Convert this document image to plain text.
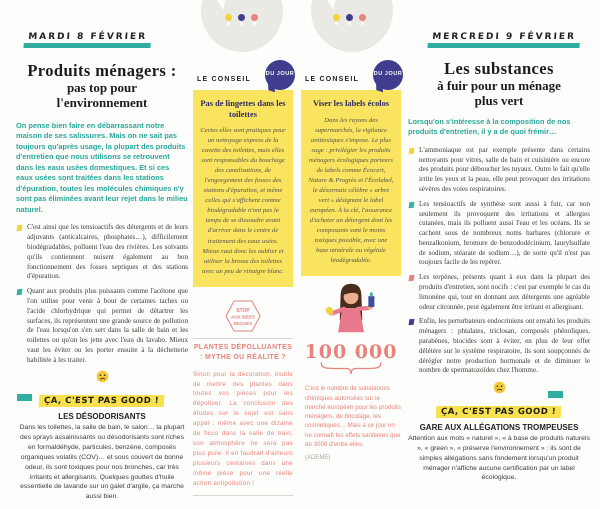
MARDI 8 FÉVRIER
Produits ménagers :
pas top pour
l'environnement

On pense bien faire en débarrassant notre maison de ses salissures. Mais on ne sait pas toujours qu'après usage, la plupart des produits d'entretien que nous utilisons se retrouvent dans les eaux usées domestiques. Et si ces eaux usées sont traitées dans les stations d'épuration, toutes les molécules chimiques n'y sont pas éliminées avant leur rejet dans le milieu naturel.

C'est ainsi que les tensioactifs des détergents et de leurs adjuvants (anticalcaires, phosphates…), difficilement biodégradables, polluent l'eau des rivières. Les solvants qu'ils contiennent nuisent également au bon fonctionnement des fosses septiques et des stations d'épuration.
Quant aux produits plus puissants comme l'acétone que l'on utilise pour venir à bout de certaines taches ou l'acide chlorhydrique qui permet de détartrer les surfaces, ils représentent une grande source de pollution de l'eau lorsqu'on s'en sert dans la salle de bain et les toilettes ou qu'on les jette avec l'eau du lavabo. Mieux vaut les éviter ou les porter ensuite à la déchetterie habilitée à les traiter.
ÇA, C'EST PAS GOOD !
LES DÉSODORISANTS

Dans les toilettes, la salle de bain, le salon… la plupart des sprays assainissants ou désodorisants sont riches en formaldéhyde, particules, benzène, composés organiques volatils (COV)… et sous couvert de bonne odeur, ils sont toxiques pour nos bronches, car très irritants et allergisants. Quelques gouttes d'huile essentielle de lavande sur un galet d'argile, ça marche aussi bien.

LE CONSEIL
DU JOUR
Pas de lingettes dans les toilettes
Certes elles sont pratiques pour un nettoyage express de la cuvette des toilettes, mais elles sont responsables du bouchage des canalisations, de l'engorgement des fosses des stations d'épuration, et même celles qui s'affichent comme biodégradable n'ont pas le temps de se dissoudre avant d'arriver dans le centre de traitement des eaux usées. Mieux vaut donc les oublier et utiliser la brosse des toilettes avec un peu de vinaigre blanc.
STOP
AUX IDÉES
REÇUES
PLANTES DÉPOLLUANTES : MYTHE OU RÉALITÉ ?

Sinon pour la décoration, inutile de mettre des plantes dans toutes vos pièces pour les dépolluer. La conclusion des études sur le sujet est sans appel : même avec une dizaine de ficus dans la salle de bain, son atmosphère ne sera pas plus pure. Il en faudrait d'ailleurs plusieurs centaines dans une même pièce pour une réelle action antipollution !

LE CONSEIL
DU JOUR
Viser les labels écolos
Dans les rayons des supermarchés, la vigilance antitoxiques s'impose. Le plus sage : privilégier les produits ménagers écologiques porteurs de labels comme Écocert, Nature & Progrès et l'Écolabel, le désormais célèbre « arbre vert » désignant le label européen. À la clé, l'assurance d'acheter un détergent dont les composants sont le moins toxiques possible, avec une base minérale ou végétale biodégradable.
100 000

C'est le nombre de substances chimiques autorisées sur le marché européen pour les produits ménagers, de bricolage, les cosmétiques… Mais à ce jour on ne connaît les effets sanitaires que de 3000 d'entre elles.

(ADEME)
MERCREDI 9 FÉVRIER
Les substances
à fuir pour un ménage
plus vert

Lorsqu'on s'intéresse à la composition de nos produits d'entretien, il y a de quoi frémir…

L'ammoniaque est par exemple présente dans certains nettoyants pour vitres, salle de bain et cuisinière ou encore des produits pour déboucher les tuyaux. Outre le fait qu'elle irrite les yeux et la peau, elle peut provoquer des irritations sévères des voies respiratoires.
Les tensioactifs de synthèse sont aussi à fuir, car non seulement ils provoquent des irritations et allergies cutanées, mais ils polluent aussi l'eau et les océans. Ils se cachent sous de nombreux noms barbares (chlorure et benzalkonium, bromure de benzododécinium, laurylsulfate de sodium, stéarate de sodium…), de sorte qu'il n'est pas toujours facile de les repérer.
Les terpènes, présents quant à eux dans la plupart des produits d'entretien, sont nocifs : c'est par exemple le cas du limonène qui, tout en donnant aux détergents une agréable odeur citronnée, peut également être irritant et allergisant.
Enfin, les perturbateurs endocriniens ont envahi les produits ménagers : phtalates, triclosan, composés phénoliques, parabènes, biocides sont à éviter, en plus de leur effet délétère sur le système respiratoire, ils sont soupçonnés de dérégler notre production hormonale et de diminuer le nombre de spermatozoïdes chez l'homme.
ÇA, C'EST PAS GOOD !
GARE AUX ALLÉGATIONS TROMPEUSES

Attention aux mots « naturel », « à base de produits naturels », « green », « préserve l'environnement » : ils sont de simples allégations sans fondement lorsqu'un produit ménager n'affiche aucune certification par un label écologique.
